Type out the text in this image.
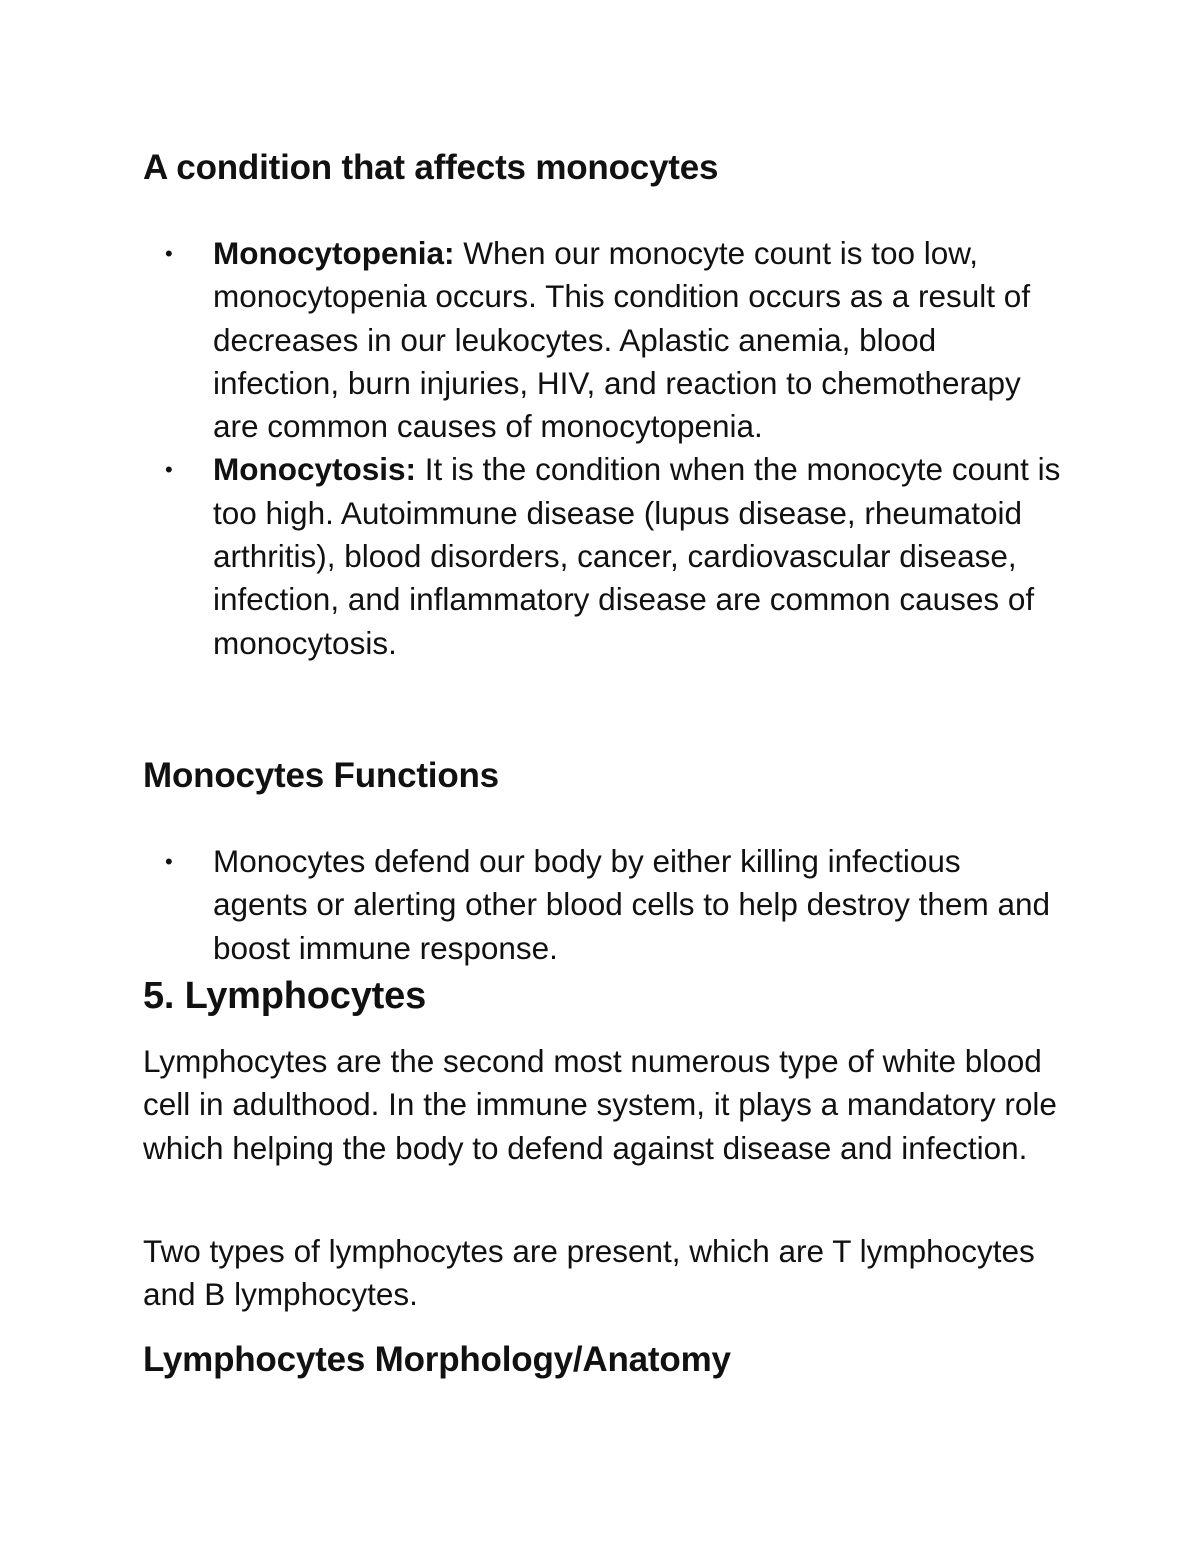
A condition that affects monocytes
• Monocytopenia: When our monocyte count is too low, monocytopenia occurs. This condition occurs as a result of decreases in our leukocytes. Aplastic anemia, blood infection, burn injuries, HIV, and reaction to chemotherapy are common causes of monocytopenia.
• Monocytosis: It is the condition when the monocyte count is too high. Autoimmune disease (lupus disease, rheumatoid arthritis), blood disorders, cancer, cardiovascular disease, infection, and inflammatory disease are common causes of monocytosis.
Monocytes Functions
• Monocytes defend our body by either killing infectious agents or alerting other blood cells to help destroy them and boost immune response.
5. Lymphocytes

Lymphocytes are the second most numerous type of white blood cell in adulthood. In the immune system, it plays a mandatory role which helping the body to defend against disease and infection.

Two types of lymphocytes are present, which are T lymphocytes and B lymphocytes.

Lymphocytes Morphology/Anatomy
